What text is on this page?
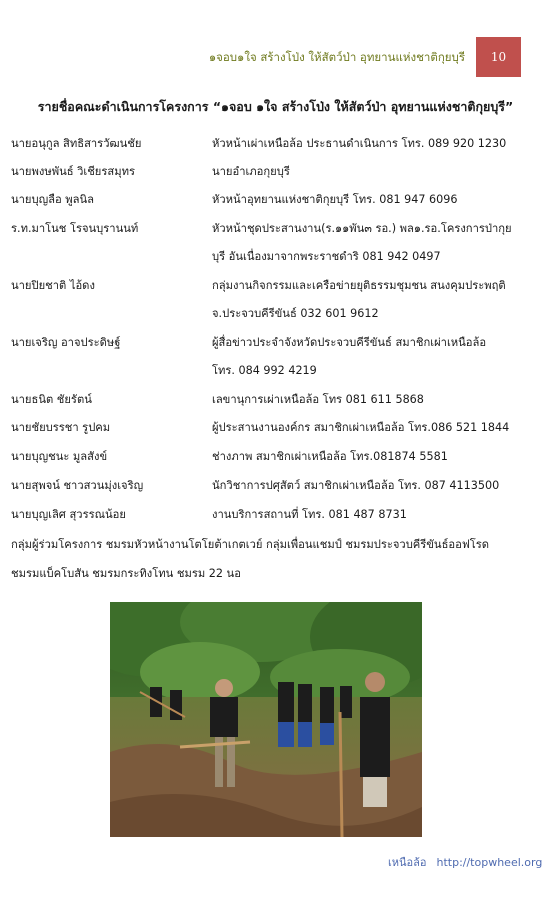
๑จอบ๑ใจ สร้างโป่ง ให้สัตว์ป่า อุทยานแห่งชาติกุยบุรี	10
รายชื่อคณะดำเนินการโครงการ “๑จอบ ๑ใจ สร้างโป่ง ให้สัตว์ป่า อุทยานแห่งชาติกุยบุรี”
นายอนุกูล สิทธิสารวัฒนชัย	หัวหน้าเผ่าเหนือล้อ ประธานดำเนินการ โทร. 089 920 1230
นายพงษพันธ์ วิเชียรสมุทร	นายอำเภอกุยบุรี
นายบุญลือ พูลนิล	หัวหน้าอุทยานแห่งชาติกุยบุรี โทร. 081 947 6096
ร.ท.มาโนช โรจนบุรานนท์	หัวหน้าชุดประสานงาน(ร.๑๑พัน๓ รอ.) พล๑.รอ.โครงการป่ากุย
บุรี อันเนื่องมาจากพระราชดำริ 081 942 0497
นายปิยชาติ ไอ้ดง	กลุ่มงานกิจกรรมและเครือข่ายยุติธรรมชุมชน สนงคุมประพฤติ
จ.ประจวบคีรีขันธ์ 032 601 9612
นายเจริญ อาจประดิษฐ์	ผู้สื่อข่าวประจำจังหวัดประจวบคีรีขันธ์ สมาชิกเผ่าเหนือล้อ
โทร. 084 992 4219
นายธนิต ชัยรัตน์	เลขานุการเผ่าเหนือล้อ โทร 081 611 5868
นายชัยบรรชา รูปคม	ผู้ประสานงานองค์กร สมาชิกเผ่าเหนือล้อ โทร.086 521 1844
นายบุญชนะ มูลสังข์	ช่างภาพ สมาชิกเผ่าเหนือล้อ โทร.081874 5581
นายสุพจน์ ชาวสวนมุ่งเจริญ	นักวิชาการปศุสัตว์ สมาชิกเผ่าเหนือล้อ โทร. 087 4113500
นายบุญเลิศ สุวรรณน้อย	งานบริการสถานที่ โทร. 081 487 8731
กลุ่มผู้ร่วมโครงการ ชมรมหัวหน้างานโตโยต้าเกตเวย์ กลุ่มเพื่อนแชมป์ ชมรมประจวบคีรีขันธ์ออฟโรด
ชมรมแบ็คโบสัน ชมรมกระทิงโทน ชมรม 22 นอ
เหนือล้อ http://topwheel.org
